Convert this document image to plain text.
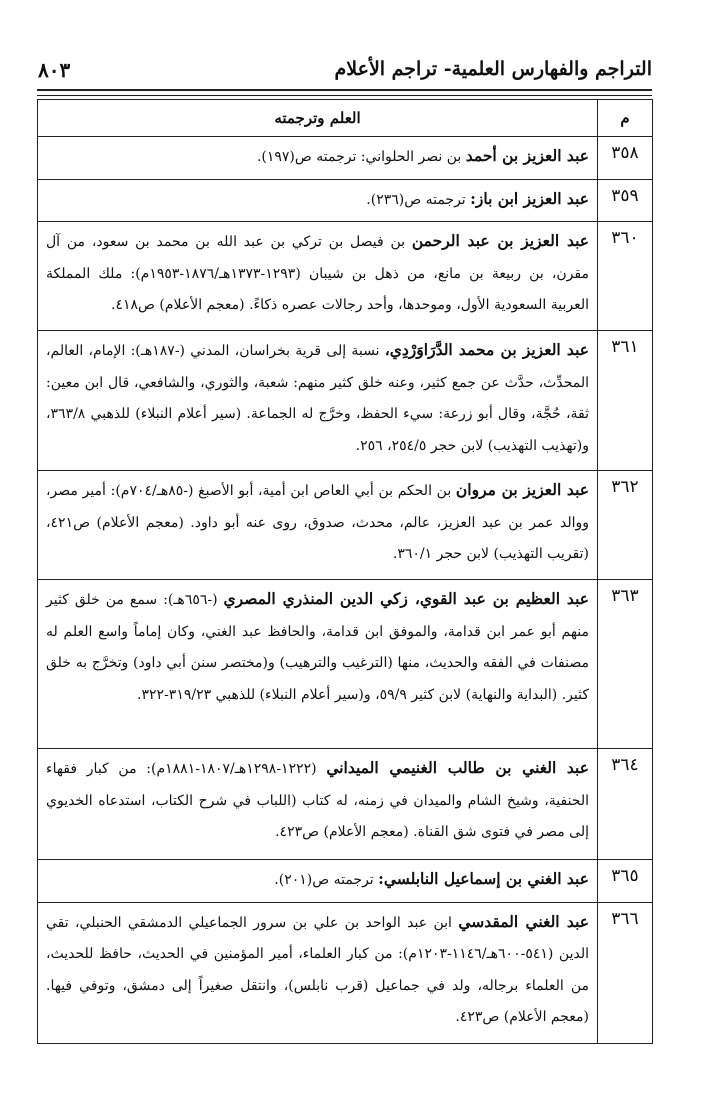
التراجم والفهارس العلمية- تراجم الأعلام
٨٠٣
م	العلم وترجمته
٣٥٨	عبد العزيز بن أحمد بن نصر الحلواني: ترجمته ص(١٩٧).
٣٥٩	عبد العزيز ابن باز: ترجمته ص(٢٣٦).
٣٦٠	عبد العزيز بن عبد الرحمن بن فيصل بن تركي بن عبد الله بن محمد بن سعود، من آل مقرن، بن ربيعة بن مانع، من ذهل بن شيبان (١٢٩٣-١٣٧٣هـ/١٨٧٦-١٩٥٣م): ملك المملكة العربية السعودية الأول، وموحدها، وأحد رجالات عصره ذكاءً. (معجم الأعلام) ص٤١٨.
٣٦١	عبد العزيز بن محمد الدَّرَاوَرْدِي، نسبة إلى قرية بخراسان، المدني (-١٨٧هـ): الإمام، العالم، المحدِّث، حدَّث عن جمع كثير، وعنه خلق كثير منهم: شعبة، والثوري، والشافعي، قال ابن معين: ثقة، حُجَّة، وقال أبو زرعة: سيء الحفظ، وخرَّج له الجماعة. (سير أعلام النبلاء) للذهبي ٣٦٣/٨، و(تهذيب التهذيب) لابن حجر ٢٥٤/٥، ٢٥٦.
٣٦٢	عبد العزيز بن مروان بن الحكم بن أبي العاص ابن أمية، أبو الأصبغ (-٨٥هـ/٧٠٤م): أمير مصر، ووالد عمر بن عبد العزيز، عالم، محدث، صدوق، روى عنه أبو داود. (معجم الأعلام) ص٤٢١، (تقريب التهذيب) لابن حجر ٣٦٠/١.
٣٦٣	عبد العظيم بن عبد القوي، زكي الدين المنذري المصري (-٦٥٦هـ): سمع من خلق كثير منهم أبو عمر ابن قدامة، والموفق ابن قدامة، والحافظ عبد الغني، وكان إماماً واسع العلم له مصنفات في الفقه والحديث، منها (الترغيب والترهيب) و(مختصر سنن أبي داود) وتخرَّج به خلق كثير. (البداية والنهاية) لابن كثير ٥٩/٩، و(سير أعلام النبلاء) للذهبي ٣١٩/٢٣-٣٢٢.
٣٦٤	عبد الغني بن طالب الغنيمي الميداني (١٢٢٢-١٢٩٨هـ/١٨٠٧-١٨٨١م): من كبار فقهاء الحنفية، وشيخ الشام والميدان في زمنه، له كتاب (اللباب في شرح الكتاب، استدعاه الخديوي إلى مصر في فتوى شق القناة. (معجم الأعلام) ص٤٢٣.
٣٦٥	عبد الغني بن إسماعيل النابلسي: ترجمته ص(٢٠١).
٣٦٦	عبد الغني المقدسي ابن عبد الواحد بن علي بن سرور الجماعيلي الدمشقي الحنبلي، تقي الدين (٥٤١-٦٠٠هـ/١١٤٦-١٢٠٣م): من كبار العلماء، أمير المؤمنين في الحديث، حافظ للحديث، من العلماء برجاله، ولد في جماعيل (قرب نابلس)، وانتقل صغيراً إلى دمشق، وتوفي فيها. (معجم الأعلام) ص٤٢٣.
